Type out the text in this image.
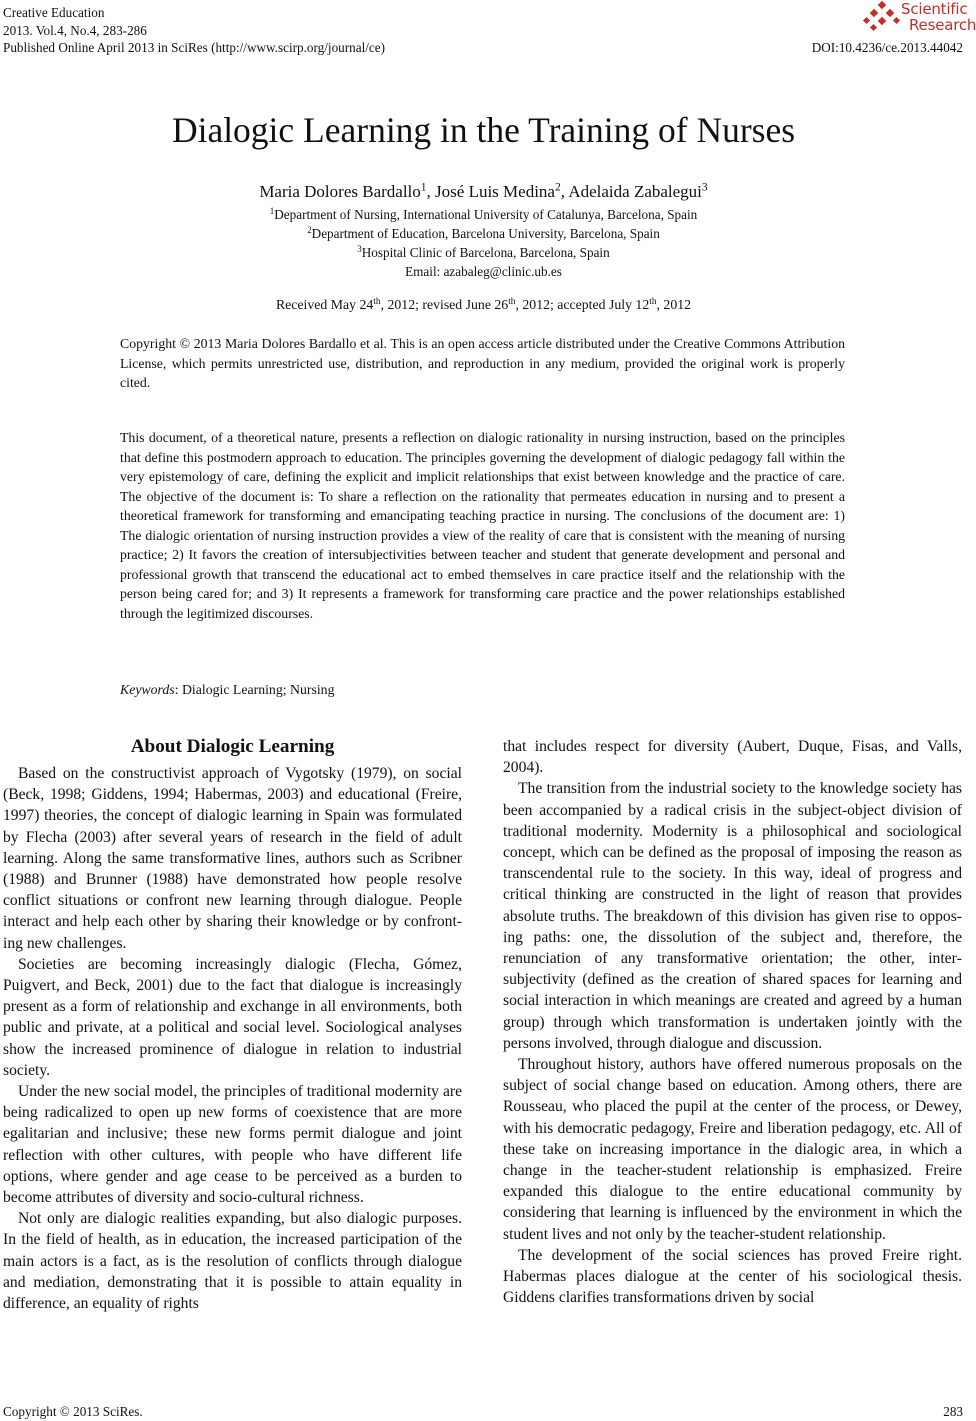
Creative Education
2013. Vol.4, No.4, 283-286
Published Online April 2013 in SciRes (http://www.scirp.org/journal/ce)	DOI:10.4236/ce.2013.44042
Scientific
Research
Dialogic Learning in the Training of Nurses
Maria Dolores Bardallo$^1$, José Luis Medina$^2$, Adelaida Zabalegui$^3$
$^1$Department of Nursing, International University of Catalunya, Barcelona, Spain
$^2$Department of Education, Barcelona University, Barcelona, Spain
$^3$Hospital Clinic of Barcelona, Barcelona, Spain
Email: azabaleg@clinic.ub.es
Received May 24th, 2012; revised June 26th, 2012; accepted July 12th, 2012
Copyright © 2013 Maria Dolores Bardallo et al. This is an open access article distributed under the Creative Commons Attribution License, which permits unrestricted use, distribution, and reproduction in any medium, provided the original work is properly cited.
This document, of a theoretical nature, presents a reflection on dialogic rationality in nursing instruction, based on the principles that define this postmodern approach to education. The principles governing the development of dialogic pedagogy fall within the very epistemology of care, defining the explicit and implicit relationships that exist between knowledge and the practice of care. The objective of the document is: To share a reflection on the rationality that permeates education in nursing and to present a theoretical framework for transforming and emancipating teaching practice in nursing. The conclusions of the document are: 1) The dialogic orientation of nursing instruction provides a view of the reality of care that is consistent with the meaning of nursing practice; 2) It favors the creation of intersubjectivities between teacher and student that generate development and personal and professional growth that transcend the educational act to embed themselves in care practice itself and the relationship with the person being cared for; and 3) It represents a framework for transforming care practice and the power relationships established through the legitimized discourses.
Keywords: Dialogic Learning; Nursing
About Dialogic Learning

Based on the constructivist approach of Vygotsky (1979), on social (Beck, 1998; Giddens, 1994; Habermas, 2003) and educational (Freire, 1997) theories, the concept of dialogic learning in Spain was formulated by Flecha (2003) after several years of research in the field of adult learning. Along the same transformative lines, authors such as Scribner (1988) and Brunner (1988) have demonstrated how people resolve conflict situations or confront new learning through dialogue. People interact and help each other by sharing their knowledge or by confronting new challenges.

Societies are becoming increasingly dialogic (Flecha, Gómez, Puigvert, and Beck, 2001) due to the fact that dialogue is increasingly present as a form of relationship and exchange in all environments, both public and private, at a political and social level. Sociological analyses show the increased prominence of dialogue in relation to industrial society.

Under the new social model, the principles of traditional modernity are being radicalized to open up new forms of coexistence that are more egalitarian and inclusive; these new forms permit dialogue and joint reflection with other cultures, with people who have different life options, where gender and age cease to be perceived as a burden to become attributes of diversity and socio-cultural richness.

Not only are dialogic realities expanding, but also dialogic purposes. In the field of health, as in education, the increased participation of the main actors is a fact, as is the resolution of conflicts through dialogue and mediation, demonstrating that it is possible to attain equality in difference, an equality of rights

that includes respect for diversity (Aubert, Duque, Fisas, and Valls, 2004).

The transition from the industrial society to the knowledge society has been accompanied by a radical crisis in the subject-object division of traditional modernity. Modernity is a philosophical and sociological concept, which can be defined as the proposal of imposing the reason as transcendental rule to the society. In this way, ideal of progress and critical thinking are constructed in the light of reason that provides absolute truths. The breakdown of this division has given rise to opposing paths: one, the dissolution of the subject and, therefore, the renunciation of any transformative orientation; the other, intersubjectivity (defined as the creation of shared spaces for learning and social interaction in which meanings are created and agreed by a human group) through which transformation is undertaken jointly with the persons involved, through dialogue and discussion.

Throughout history, authors have offered numerous proposals on the subject of social change based on education. Among others, there are Rousseau, who placed the pupil at the center of the process, or Dewey, with his democratic pedagogy, Freire and liberation pedagogy, etc. All of these take on increasing importance in the dialogic area, in which a change in the teacher-student relationship is emphasized. Freire expanded this dialogue to the entire educational community by considering that learning is influenced by the environment in which the student lives and not only by the teacher-student relationship.

The development of the social sciences has proved Freire right. Habermas places dialogue at the center of his sociological thesis. Giddens clarifies transformations driven by social

Copyright © 2013 SciRes.	283
